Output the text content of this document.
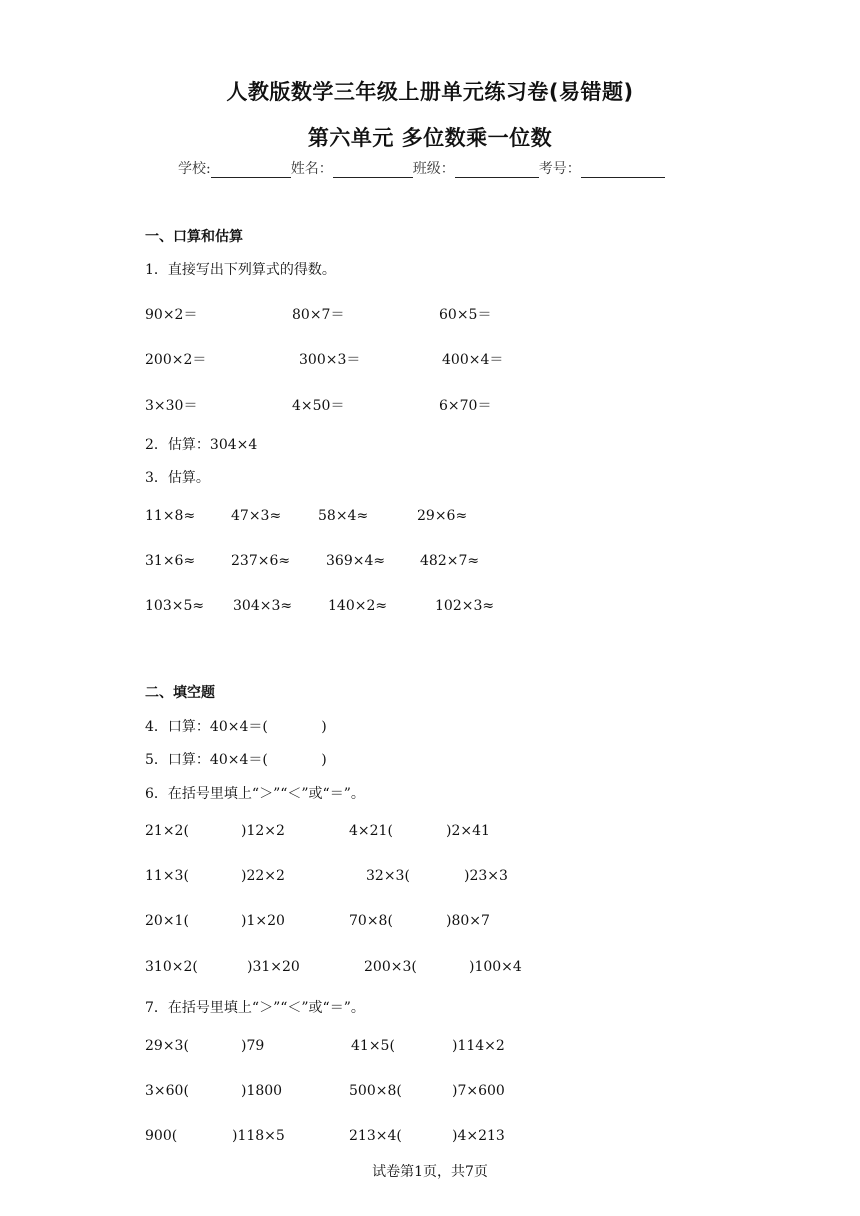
人教版数学三年级上册单元练习卷(易错题)
第六单元 多位数乘一位数
学校:	姓名：	班级：	考号：
一、口算和估算
1．直接写出下列算式的得数。
90×2＝	80×7＝	60×5＝
200×2＝	300×3＝	400×4＝
3×30＝	4×50＝	6×70＝
2．估算：304×4
3．估算。
11×8≈	47×3≈	58×4≈	29×6≈
31×6≈	237×6≈	369×4≈ 482×7≈
103×5≈ 304×3≈	140×2≈	102×3≈
二、填空题
4．口算：40×4＝(            )
5．口算：40×4＝(            )
6．在括号里填上“＞”“＜”或“＝”。
21×2(	)12×2	4×21(	)2×41
11×3(	)22×2	32×3(	)23×3
20×1(	)1×20	70×8(	)80×7
310×2(	)31×20	200×3(	)100×4
7．在括号里填上“＞”“＜”或“＝”。
29×3(	)79	41×5(	)114×2
3×60(	)1800	500×8(	)7×600
900(	)118×5	213×4(	)4×213
试卷第1页，共7页
